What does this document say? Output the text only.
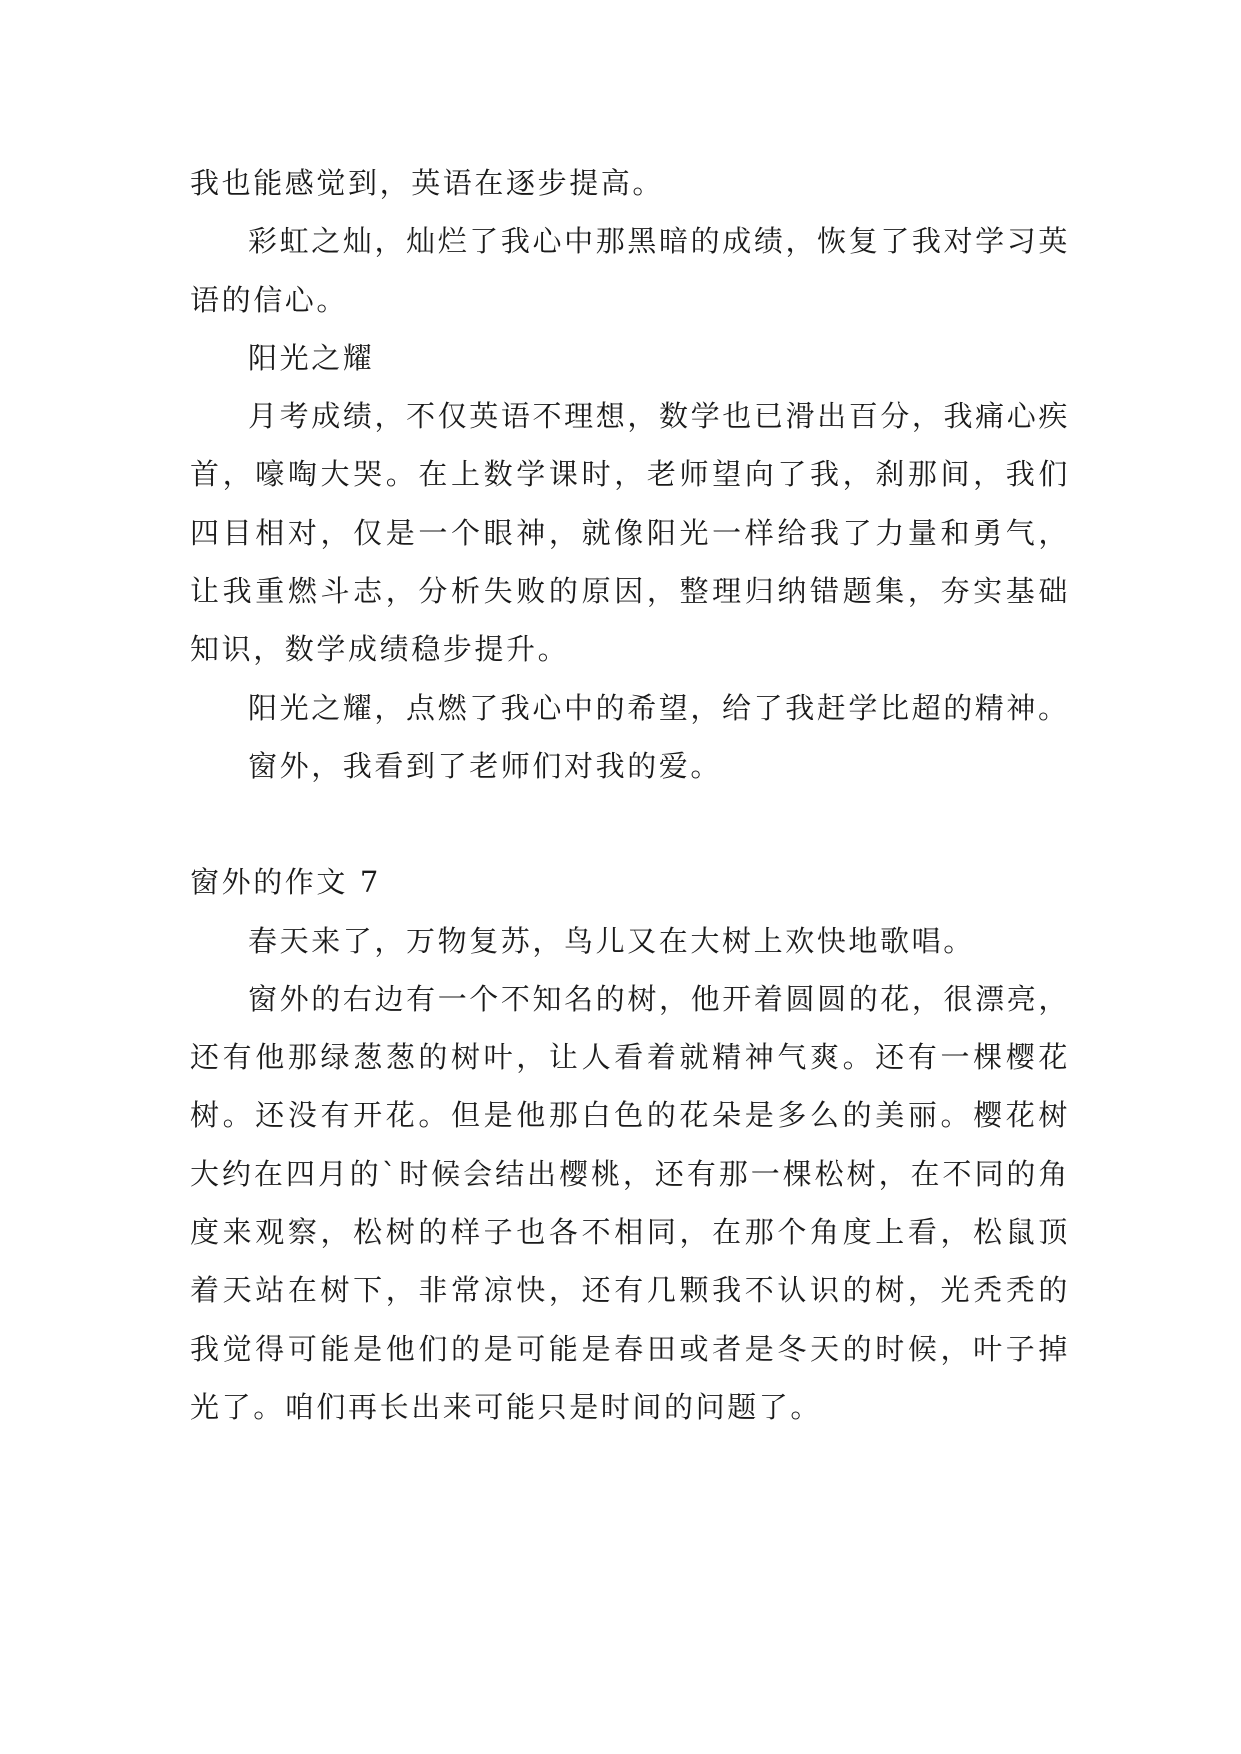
我也能感觉到，英语在逐步提高。

彩虹之灿，灿烂了我心中那黑暗的成绩，恢复了我对学习英语的信心。

阳光之耀

月考成绩，不仅英语不理想，数学也已滑出百分，我痛心疾首，嚎啕大哭。在上数学课时，老师望向了我，刹那间，我们四目相对，仅是一个眼神，就像阳光一样给我了力量和勇气，让我重燃斗志，分析失败的原因，整理归纳错题集，夯实基础知识，数学成绩稳步提升。

阳光之耀，点燃了我心中的希望，给了我赶学比超的精神。

窗外，我看到了老师们对我的爱。

窗外的作文 7

春天来了，万物复苏，鸟儿又在大树上欢快地歌唱。

窗外的右边有一个不知名的树，他开着圆圆的花，很漂亮，还有他那绿葱葱的树叶，让人看着就精神气爽。还有一棵樱花树。还没有开花。但是他那白色的花朵是多么的美丽。樱花树大约在四月的`时候会结出樱桃，还有那一棵松树，在不同的角度来观察，松树的样子也各不相同，在那个角度上看，松鼠顶着天站在树下，非常凉快，还有几颗我不认识的树，光秃秃的我觉得可能是他们的是可能是春田或者是冬天的时候，叶子掉光了。咱们再长出来可能只是时间的问题了。
